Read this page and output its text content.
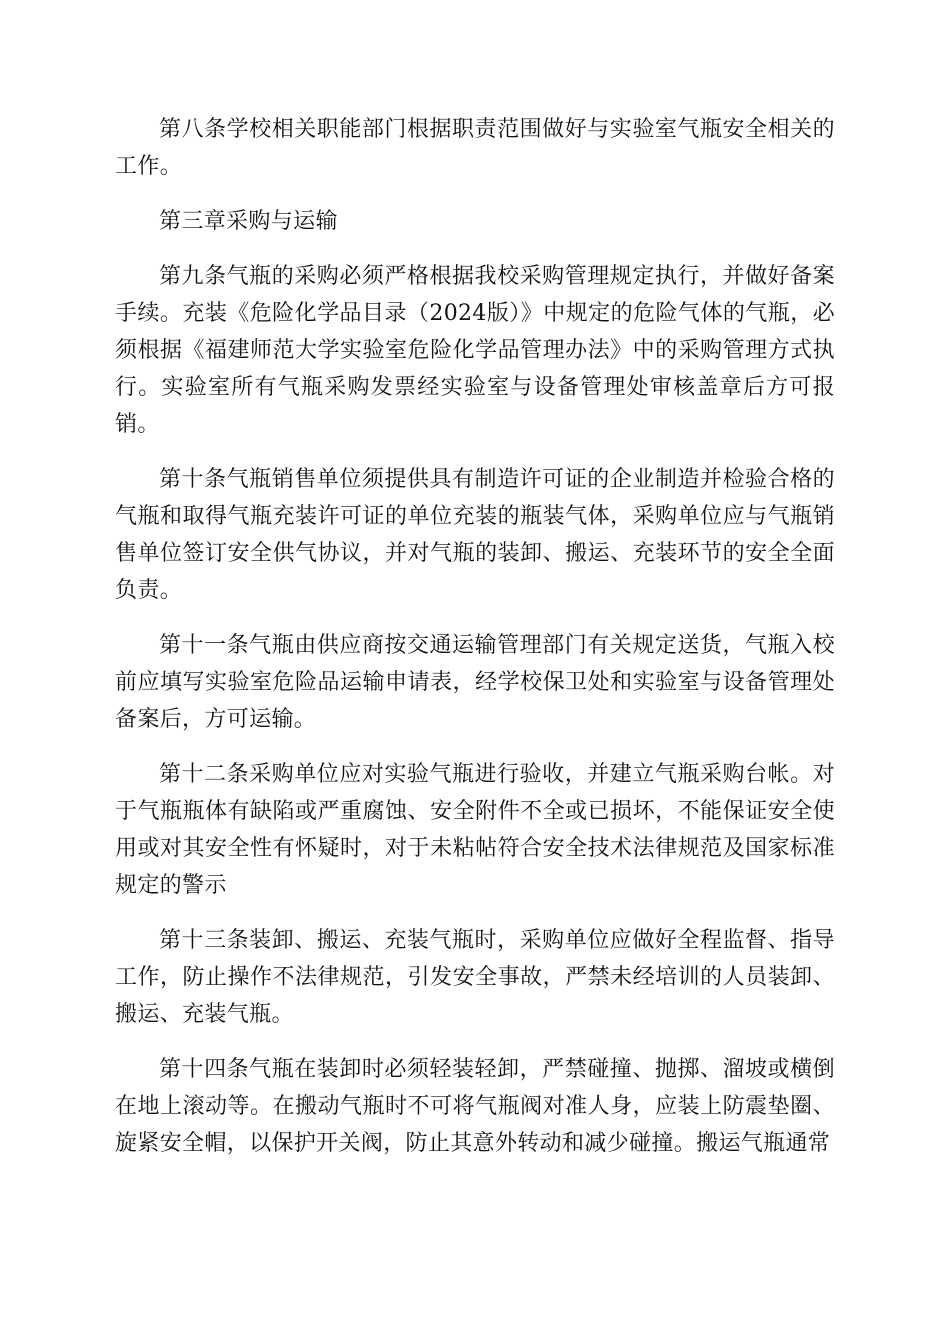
第八条学校相关职能部门根据职责范围做好与实验室气瓶安全相关的工作。

第三章采购与运输

第九条气瓶的采购必须严格根据我校采购管理规定执行，并做好备案手续。充装《危险化学品目录（2024版）》中规定的危险气体的气瓶，必须根据《福建师范大学实验室危险化学品管理办法》中的采购管理方式执行。实验室所有气瓶采购发票经实验室与设备管理处审核盖章后方可报销。

第十条气瓶销售单位须提供具有制造许可证的企业制造并检验合格的气瓶和取得气瓶充装许可证的单位充装的瓶装气体，采购单位应与气瓶销售单位签订安全供气协议，并对气瓶的装卸、搬运、充装环节的安全全面负责。

第十一条气瓶由供应商按交通运输管理部门有关规定送货，气瓶入校前应填写实验室危险品运输申请表，经学校保卫处和实验室与设备管理处备案后，方可运输。

第十二条采购单位应对实验气瓶进行验收，并建立气瓶采购台帐。对于气瓶瓶体有缺陷或严重腐蚀、安全附件不全或已损坏，不能保证安全使用或对其安全性有怀疑时，对于未粘帖符合安全技术法律规范及国家标准规定的警示

第十三条装卸、搬运、充装气瓶时，采购单位应做好全程监督、指导工作，防止操作不法律规范，引发安全事故，严禁未经培训的人员装卸、搬运、充装气瓶。

第十四条气瓶在装卸时必须轻装轻卸，严禁碰撞、抛掷、溜坡或横倒在地上滚动等。在搬动气瓶时不可将气瓶阀对准人身，应装上防震垫圈、旋紧安全帽，以保护开关阀，防止其意外转动和减少碰撞。搬运气瓶通常
